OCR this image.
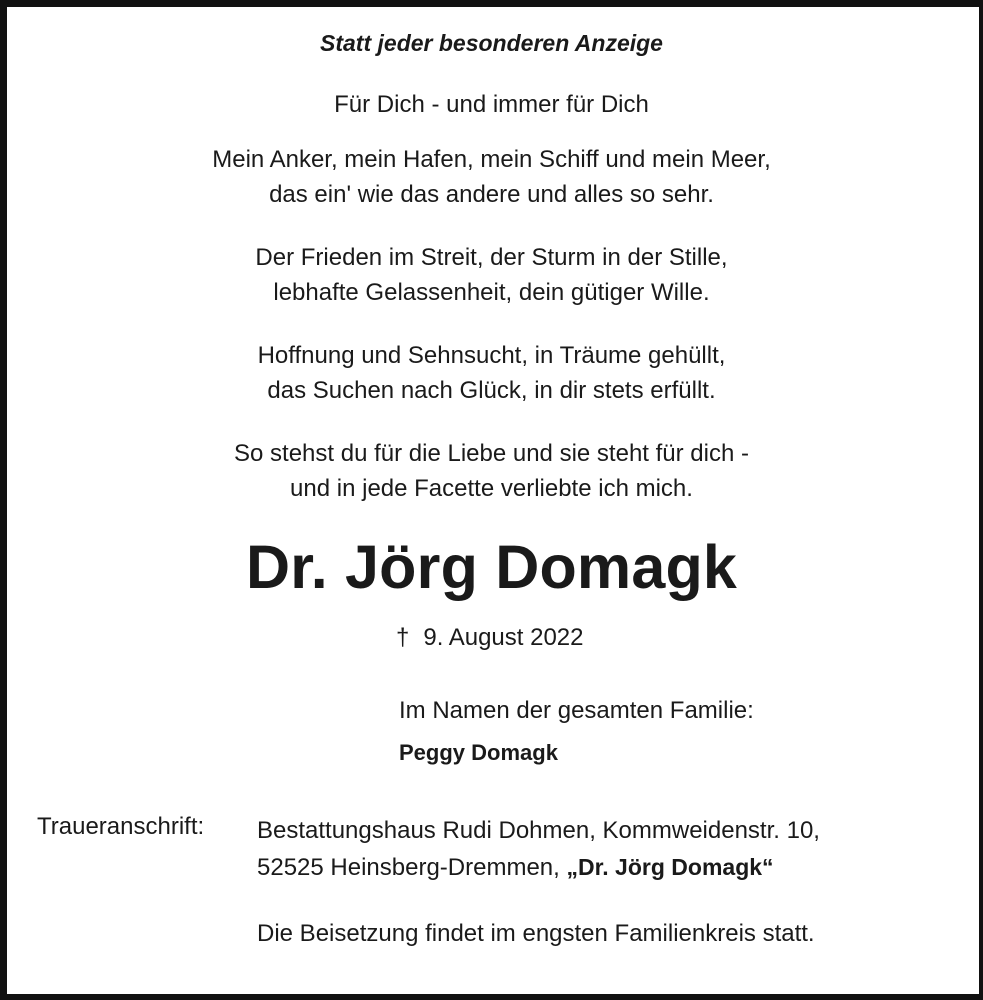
Statt jeder besonderen Anzeige
Für Dich - und immer für Dich

Mein Anker, mein Hafen, mein Schiff und mein Meer,
das ein' wie das andere und alles so sehr.

Der Frieden im Streit, der Sturm in der Stille,
lebhafte Gelassenheit, dein gütiger Wille.

Hoffnung und Sehnsucht, in Träume gehüllt,
das Suchen nach Glück, in dir stets erfüllt.

So stehst du für die Liebe und sie steht für dich -
und in jede Facette verliebte ich mich.

Dr. Jörg Domagk
† 9. August 2022
Im Namen der gesamten Familie:
Peggy Domagk
Traueranschrift: Bestattungshaus Rudi Dohmen, Kommweidenstr. 10,
52525 Heinsberg-Dremmen, „Dr. Jörg Domagk“
Die Beisetzung findet im engsten Familienkreis statt.
